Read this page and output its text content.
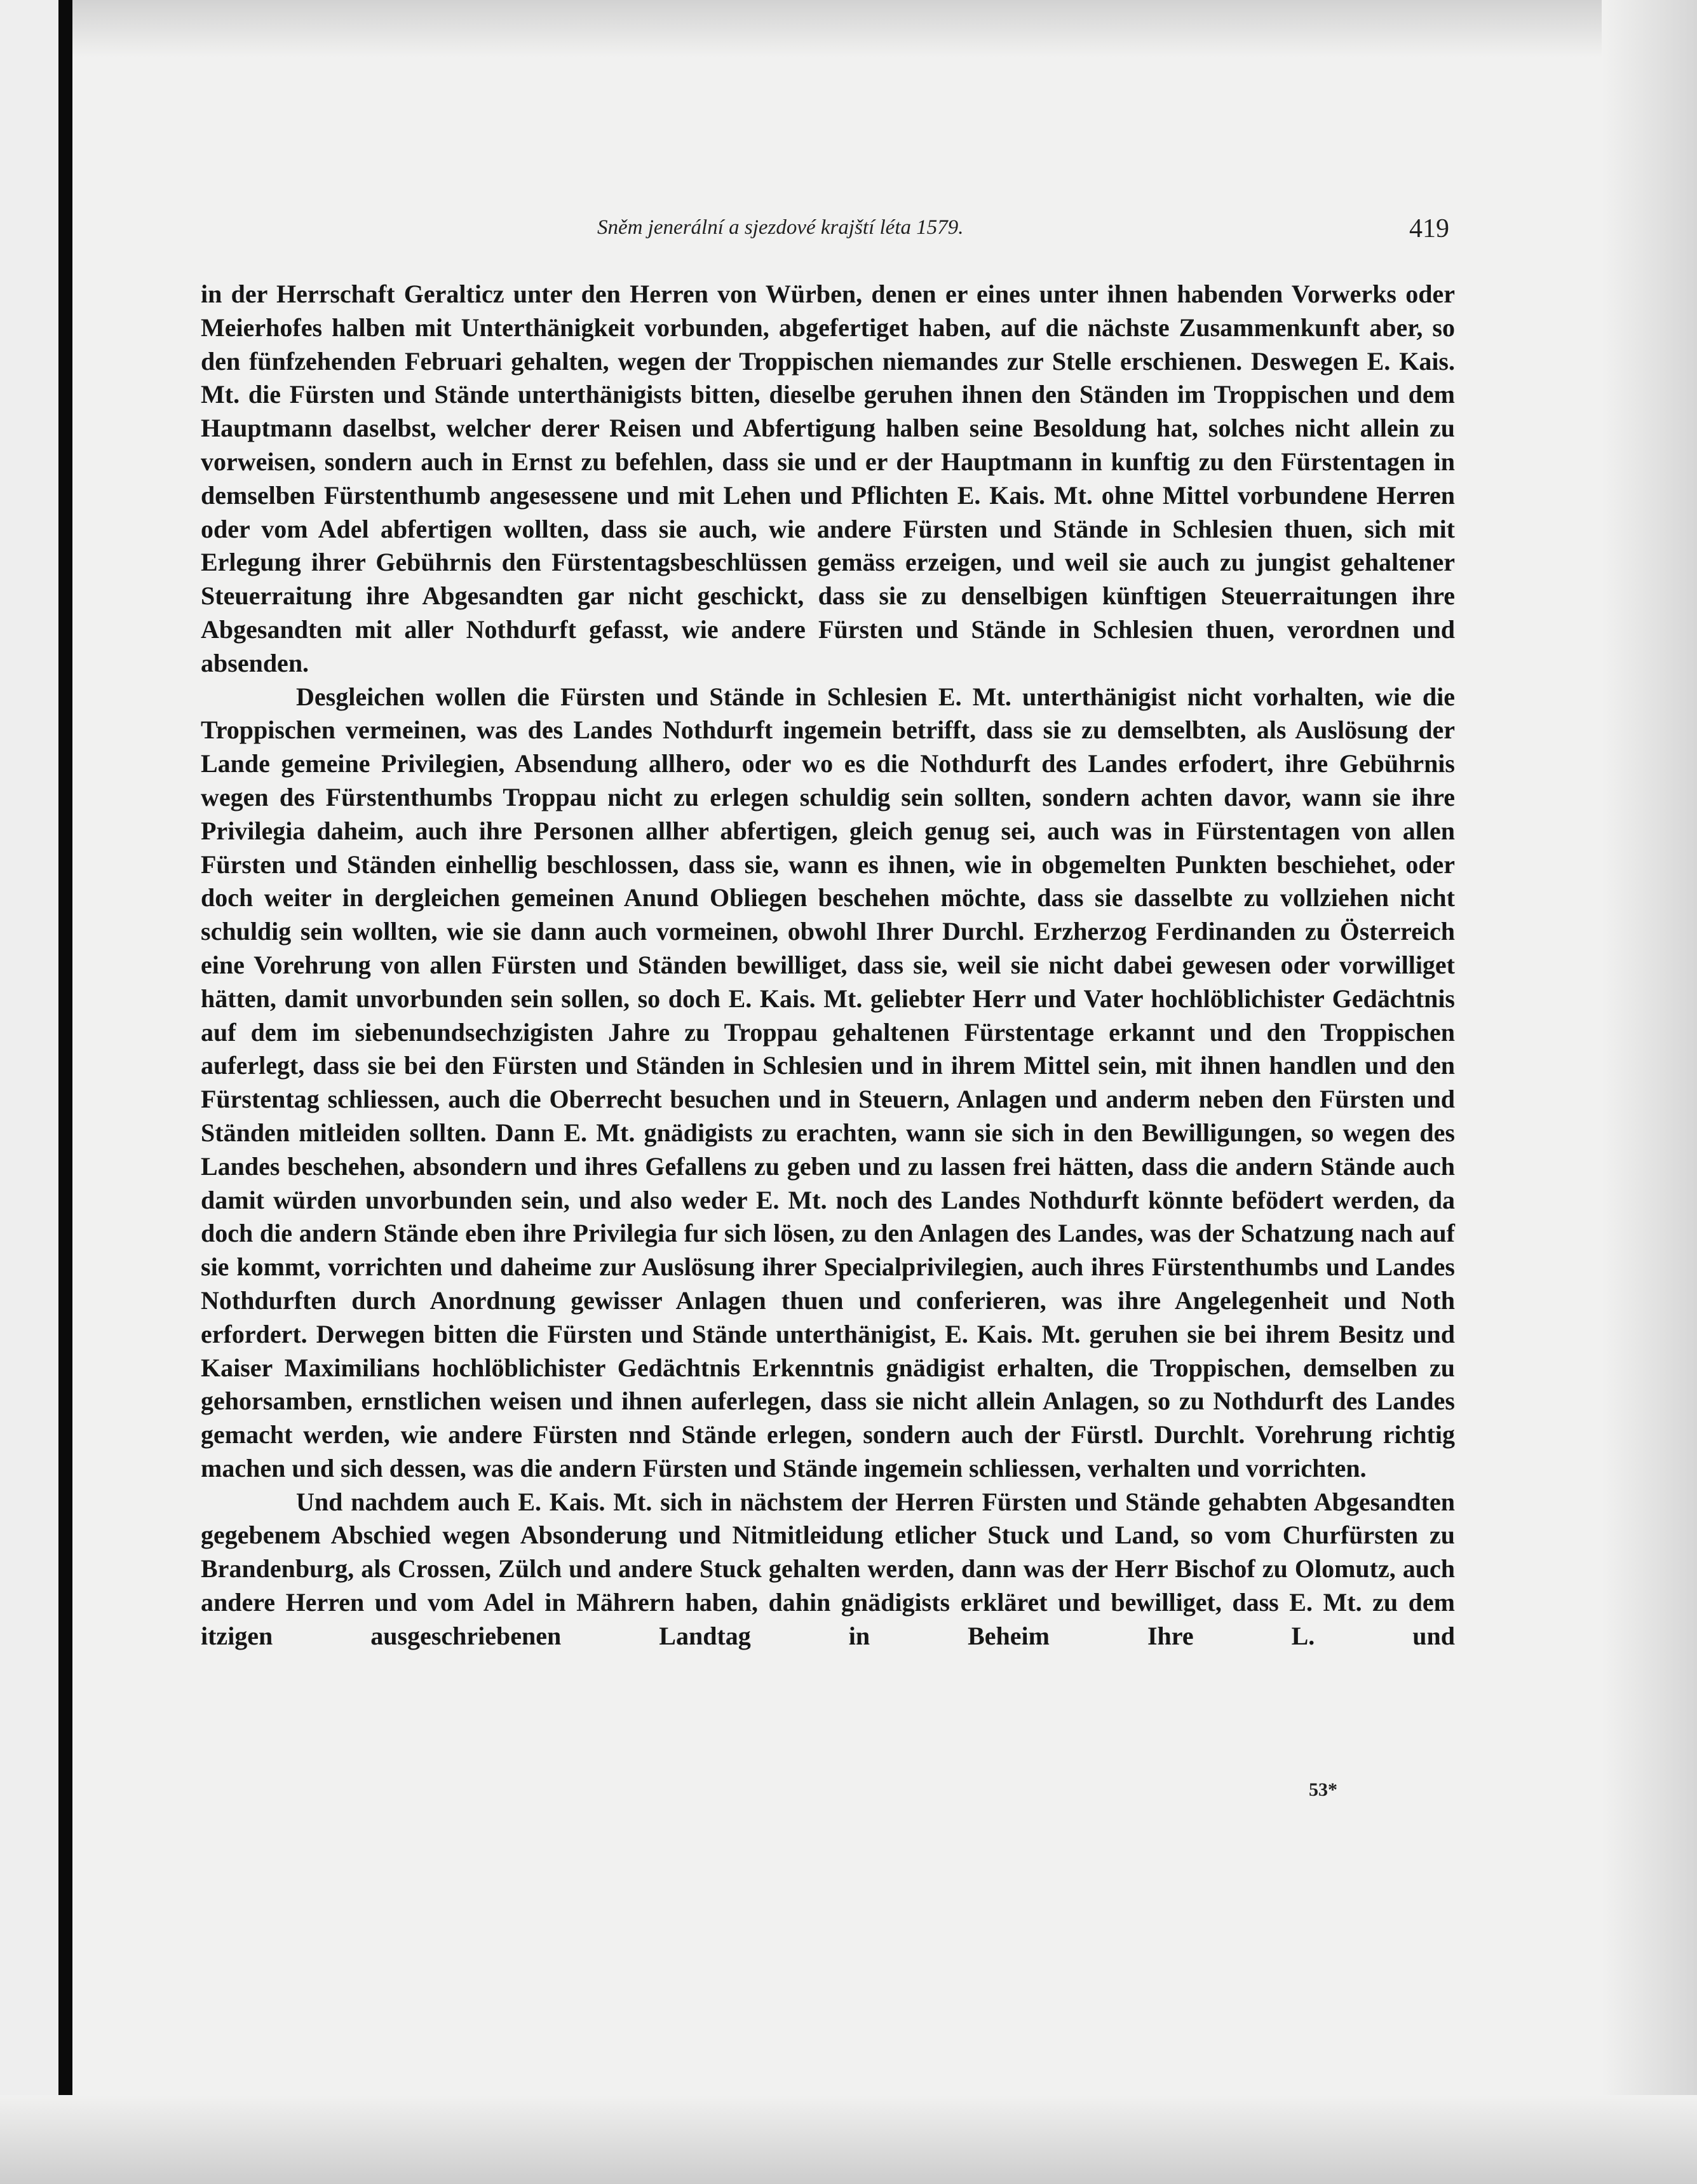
Sněm jenerální a sjezdové krajští léta 1579.	419

in der Herrschaft Geralticz unter den Herren von Würben, denen er eines unter ihnen habenden Vorwerks oder Meierhofes halben mit Unterthänigkeit vorbunden, abgefertiget haben, auf die nächste Zusammenkunft aber, so den fünfzehenden Februari gehalten, wegen der Troppischen niemandes zur Stelle erschienen. Deswegen E. Kais. Mt. die Fürsten und Stände unterthänigists bitten, dieselbe geruhen ihnen den Ständen im Troppischen und dem Hauptmann daselbst, welcher derer Reisen und Abfertigung halben seine Besoldung hat, solches nicht allein zu vorweisen, sondern auch in Ernst zu befehlen, dass sie und er der Hauptmann in kunftig zu den Fürstentagen in demselben Fürstenthumb angesessene und mit Lehen und Pflichten E. Kais. Mt. ohne Mittel vorbundene Herren oder vom Adel abfertigen wollten, dass sie auch, wie andere Fürsten und Stände in Schlesien thuen, sich mit Erlegung ihrer Gebührnis den Fürstentagsbeschlüssen gemäss erzeigen, und weil sie auch zu jungist gehaltener Steuerraitung ihre Abgesandten gar nicht geschickt, dass sie zu denselbigen künftigen Steuerraitungen ihre Abgesandten mit aller Nothdurft gefasst, wie andere Fürsten und Stände in Schlesien thuen, verordnen und absenden.

Desgleichen wollen die Fürsten und Stände in Schlesien E. Mt. unterthänigist nicht vorhalten, wie die Troppischen vermeinen, was des Landes Nothdurft ingemein betrifft, dass sie zu demselbten, als Auslösung der Lande gemeine Privilegien, Absendung allhero, oder wo es die Nothdurft des Landes erfodert, ihre Gebührnis wegen des Fürstenthumbs Troppau nicht zu erlegen schuldig sein sollten, sondern achten davor, wann sie ihre Privilegia daheim, auch ihre Personen allher abfertigen, gleich genug sei, auch was in Fürstentagen von allen Fürsten und Ständen einhellig beschlossen, dass sie, wann es ihnen, wie in obgemelten Punkten beschiehet, oder doch weiter in dergleichen gemeinen Anund Obliegen beschehen möchte, dass sie dasselbte zu vollziehen nicht schuldig sein wollten, wie sie dann auch vormeinen, obwohl Ihrer Durchl. Erzherzog Ferdinanden zu Österreich eine Vorehrung von allen Fürsten und Ständen bewilliget, dass sie, weil sie nicht dabei gewesen oder vorwilliget hätten, damit unvorbunden sein sollen, so doch E. Kais. Mt. geliebter Herr und Vater hochlöblichister Gedächtnis auf dem im siebenundsechzigisten Jahre zu Troppau gehaltenen Fürstentage erkannt und den Troppischen auferlegt, dass sie bei den Fürsten und Ständen in Schlesien und in ihrem Mittel sein, mit ihnen handlen und den Fürstentag schliessen, auch die Oberrecht besuchen und in Steuern, Anlagen und anderm neben den Fürsten und Ständen mitleiden sollten. Dann E. Mt. gnädigists zu erachten, wann sie sich in den Bewilligungen, so wegen des Landes beschehen, absondern und ihres Gefallens zu geben und zu lassen frei hätten, dass die andern Stände auch damit würden unvorbunden sein, und also weder E. Mt. noch des Landes Nothdurft könnte befödert werden, da doch die andern Stände eben ihre Privilegia fur sich lösen, zu den Anlagen des Landes, was der Schatzung nach auf sie kommt, vorrichten und daheime zur Auslösung ihrer Specialprivilegien, auch ihres Fürstenthumbs und Landes Nothdurften durch Anordnung gewisser Anlagen thuen und conferieren, was ihre Angelegenheit und Noth erfordert. Derwegen bitten die Fürsten und Stände unterthänigist, E. Kais. Mt. geruhen sie bei ihrem Besitz und Kaiser Maximilians hochlöblichister Gedächtnis Erkenntnis gnädigist erhalten, die Troppischen, demselben zu gehorsamben, ernstlichen weisen und ihnen auferlegen, dass sie nicht allein Anlagen, so zu Nothdurft des Landes gemacht werden, wie andere Fürsten nnd Stände erlegen, sondern auch der Fürstl. Durchlt. Vorehrung richtig machen und sich dessen, was die andern Fürsten und Stände ingemein schliessen, verhalten und vorrichten.

Und nachdem auch E. Kais. Mt. sich in nächstem der Herren Fürsten und Stände gehabten Abgesandten gegebenem Abschied wegen Absonderung und Nitmitleidung etlicher Stuck und Land, so vom Churfürsten zu Brandenburg, als Crossen, Zülch und andere Stuck gehalten werden, dann was der Herr Bischof zu Olomutz, auch andere Herren und vom Adel in Mährern haben, dahin gnädigists erkläret und bewilliget, dass E. Mt. zu dem itzigen ausgeschriebenen Landtag in Beheim Ihre L. und

53*
